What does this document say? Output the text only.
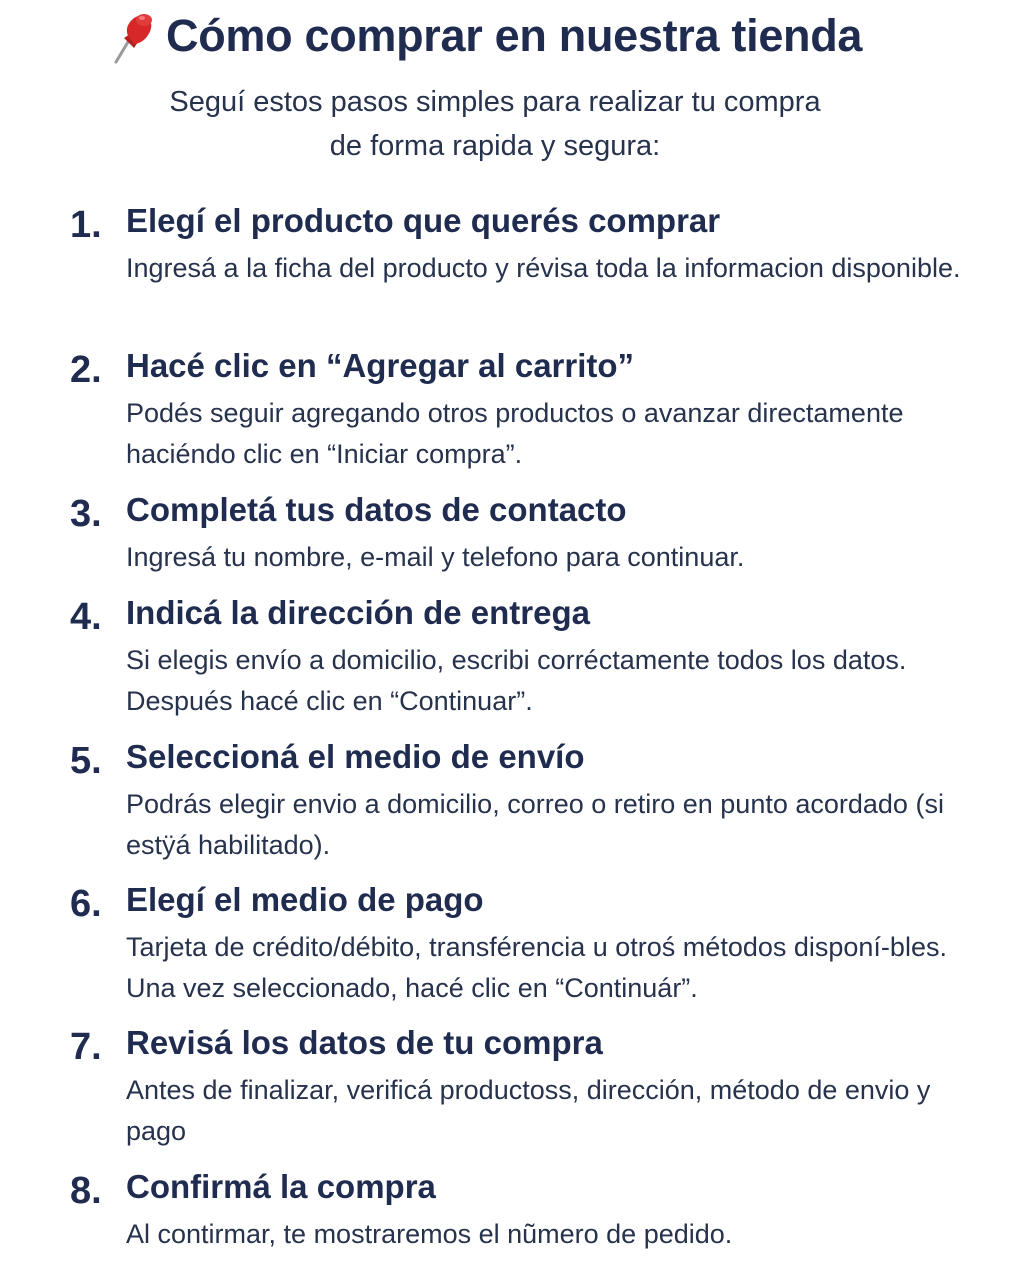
Cómo comprar en nuestra tienda
Seguí estos pasos simples para realizar tu compra
de forma rapida y segura:
1. Elegí el producto que querés comprar
Ingresá a la ficha del producto y révisa toda la informacion disponible.
2. Hacé clic en “Agregar al carrito”
Podés seguir agregando otros productos o avanzar directamente haciéndo clic en “Iniciar compra”.
3. Completá tus datos de contacto
Ingresá tu nombre, e-mail y telefono para continuar.
4. Indicá la dirección de entrega
Si elegis envío a domicilio, escribi corréctamente todos los datos. Después hacé clic en “Continuar”.
5. Seleccioná el medio de envío
Podrás elegir envio a domicilio, correo o retiro en punto acordado (si estÿá habilitado).
6. Elegí el medio de pago
Tarjeta de crédito/débito, transférencia u otroś métodos disponí-bles. Una vez seleccionado, hacé clic en “Continuár”.
7. Revisá los datos de tu compra
Antes de finalizar, verificá productoss, dirección, método de envio y pago
8. Confirmá la compra
Al contirmar, te mostraremos el nũmero de pedido.
